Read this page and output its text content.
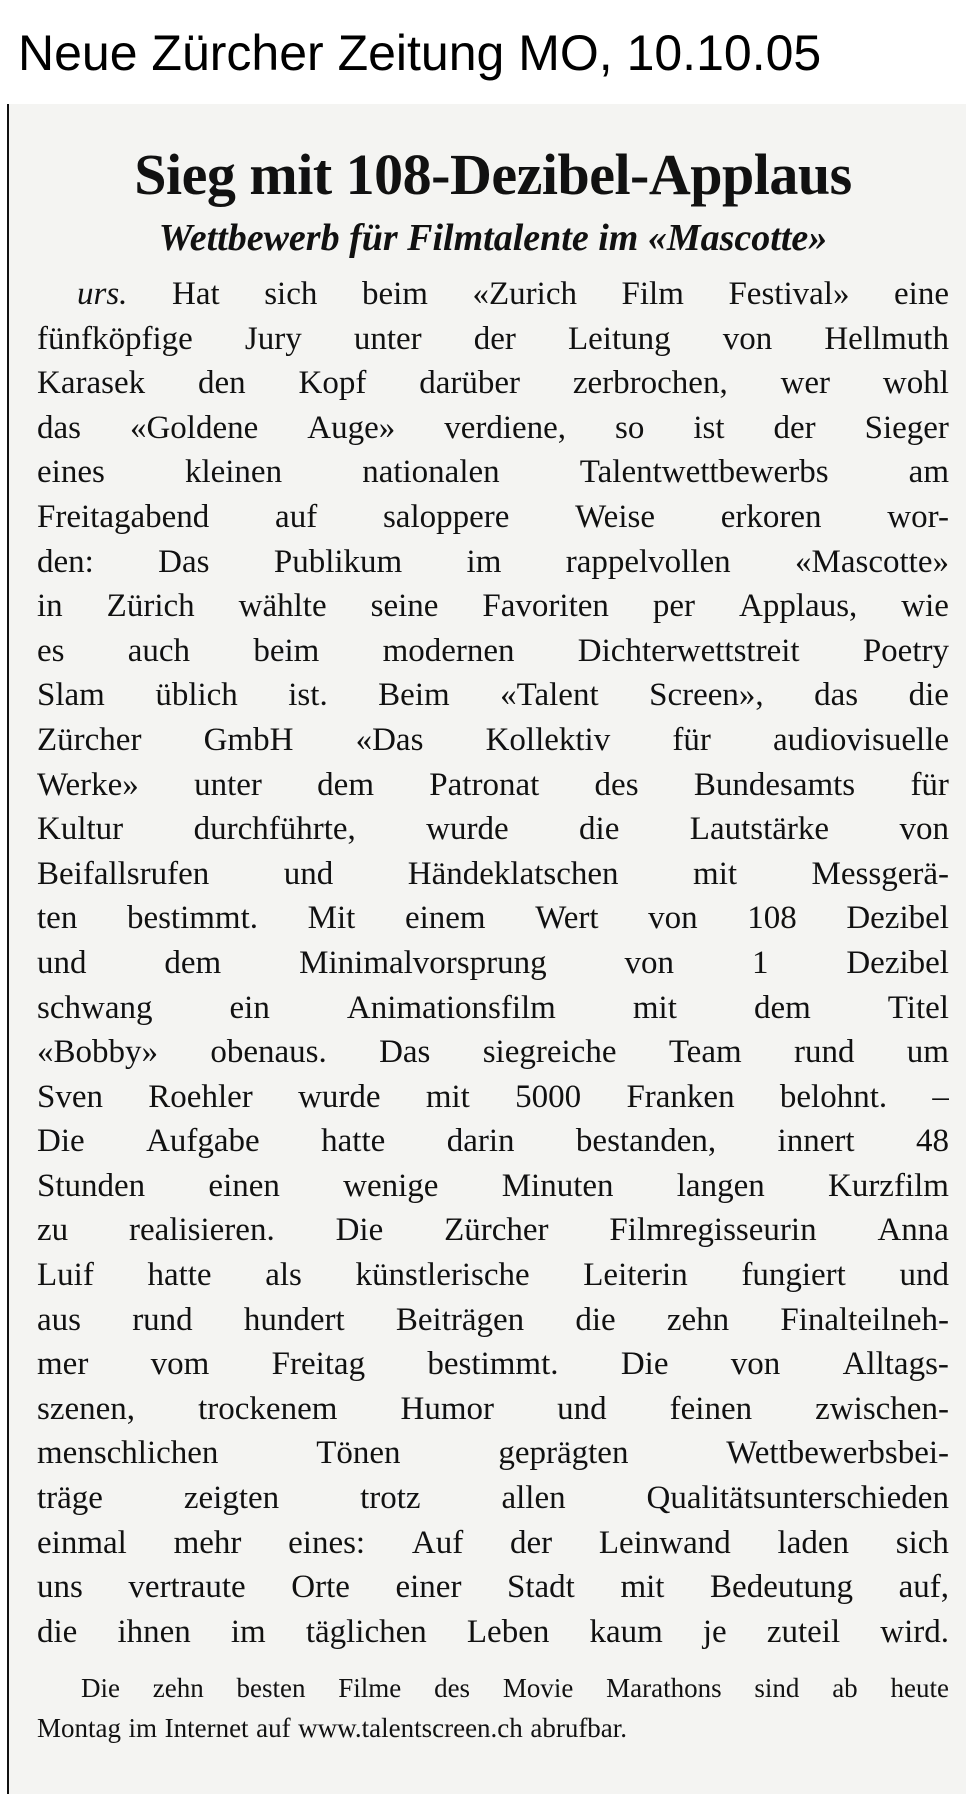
Neue Zürcher Zeitung MO, 10.10.05
Sieg mit 108-Dezibel-Applaus
Wettbewerb für Filmtalente im «Mascotte»
urs. Hat sich beim «Zurich Film Festival» eine
fünfköpfige Jury unter der Leitung von Hellmuth
Karasek den Kopf darüber zerbrochen, wer wohl
das «Goldene Auge» verdiene, so ist der Sieger
eines kleinen nationalen Talentwettbewerbs am
Freitagabend auf saloppere Weise erkoren wor-
den: Das Publikum im rappelvollen «Mascotte»
in Zürich wählte seine Favoriten per Applaus, wie
es auch beim modernen Dichterwettstreit Poetry
Slam üblich ist. Beim «Talent Screen», das die
Zürcher GmbH «Das Kollektiv für audiovisuelle
Werke» unter dem Patronat des Bundesamts für
Kultur durchführte, wurde die Lautstärke von
Beifallsrufen und Händeklatschen mit Messgerä-
ten bestimmt. Mit einem Wert von 108 Dezibel
und dem Minimalvorsprung von 1 Dezibel
schwang ein Animationsfilm mit dem Titel
«Bobby» obenaus. Das siegreiche Team rund um
Sven Roehler wurde mit 5000 Franken belohnt. –
Die Aufgabe hatte darin bestanden, innert 48
Stunden einen wenige Minuten langen Kurzfilm
zu realisieren. Die Zürcher Filmregisseurin Anna
Luif hatte als künstlerische Leiterin fungiert und
aus rund hundert Beiträgen die zehn Finalteilneh-
mer vom Freitag bestimmt. Die von Alltags-
szenen, trockenem Humor und feinen zwischen-
menschlichen	Tönen	geprägten	Wettbewerbsbei-
träge zeigten trotz allen Qualitätsunterschieden
einmal mehr eines: Auf der Leinwand laden sich
uns vertraute Orte einer Stadt mit Bedeutung auf,
die ihnen im täglichen Leben kaum je zuteil wird.
Die zehn besten Filme des Movie Marathons sind ab heute
Montag im Internet auf www.talentscreen.ch abrufbar.
